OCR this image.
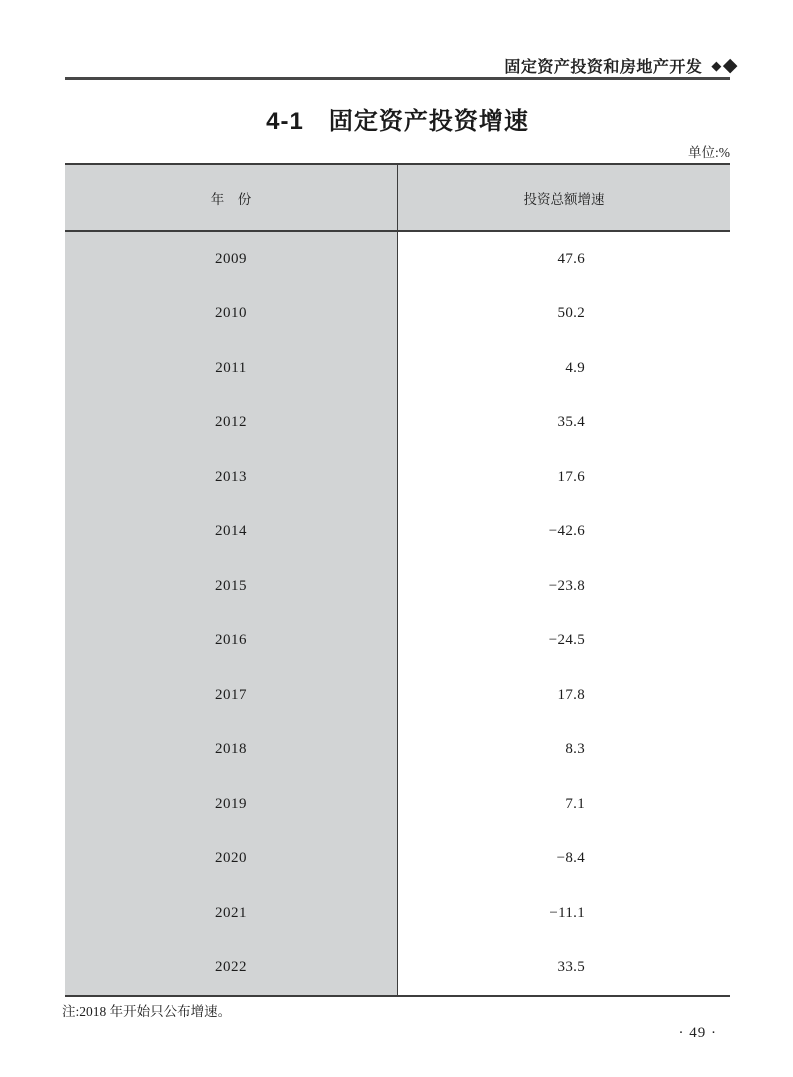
固定资产投资和房地产开发 ◆ ◆
4-1　固定资产投资增速
单位:%
年　份	投资总额增速
2009	47.6
2010	50.2
2011	4.9
2012	35.4
2013	17.6
2014	−42.6
2015	−23.8
2016	−24.5
2017	17.8
2018	8.3
2019	7.1
2020	−8.4
2021	−11.1
2022	33.5
注:2018 年开始只公布增速。
· 49 ·
